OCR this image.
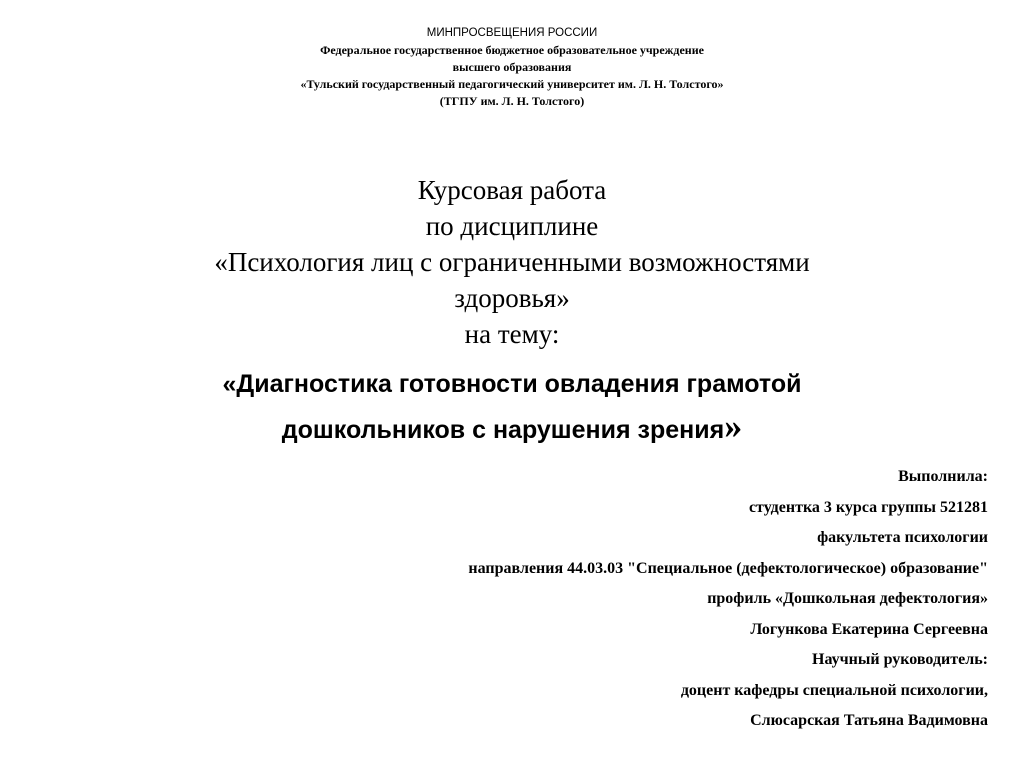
МИНПРОСВЕЩЕНИЯ РОССИИ
Федеральное государственное бюджетное образовательное учреждение
высшего образования
«Тульский государственный педагогический университет им. Л. Н. Толстого»
(ТГПУ им. Л. Н. Толстого)
Курсовая работа
по дисциплине
«Психология лиц с ограниченными возможностями
здоровья»
на тему:
«Диагностика готовности овладения грамотой
дошкольников с нарушения зрения»
Выполнила:
студентка 3 курса группы 521281
факультета психологии
направления 44.03.03 "Специальное (дефектологическое) образование"
профиль «Дошкольная дефектология»
Логункова Екатерина Сергеевна
Научный руководитель:
доцент кафедры специальной психологии,
Слюсарская Татьяна Вадимовна
